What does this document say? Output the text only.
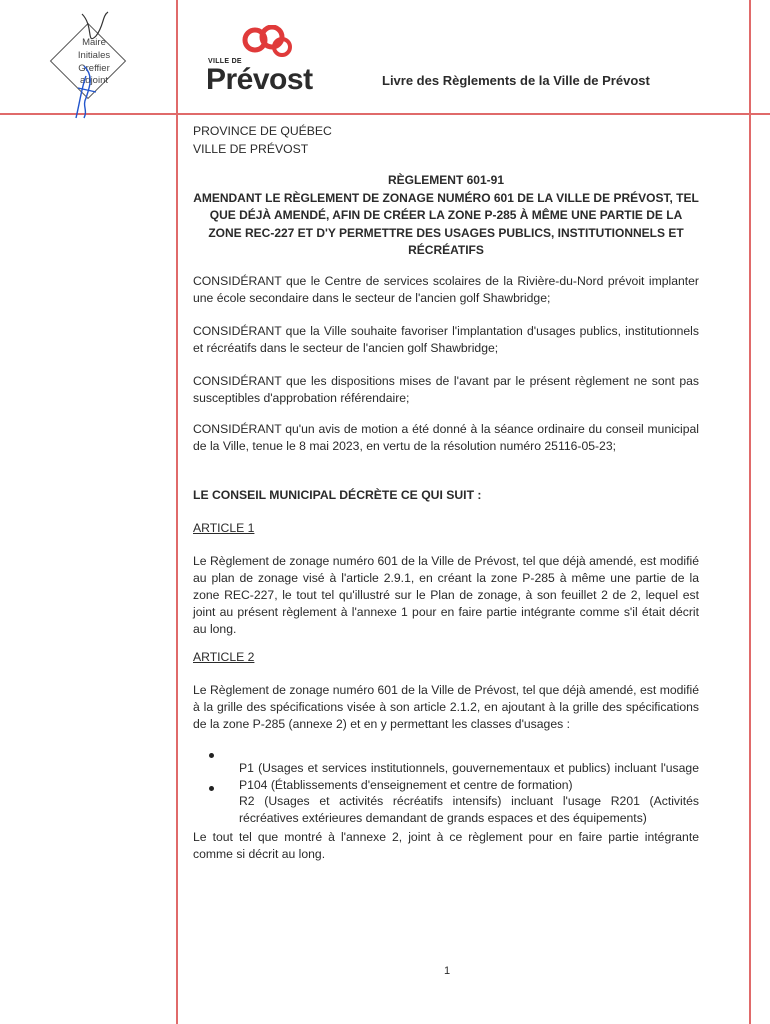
Maire
Initiales
Greffier
adjoint
VILLE DE
Prévost	Livre des Règlements de la Ville de Prévost
PROVINCE DE QUÉBEC
VILLE DE PRÉVOST
RÈGLEMENT 601-91
AMENDANT LE RÈGLEMENT DE ZONAGE NUMÉRO 601 DE LA VILLE DE PRÉVOST, TEL
QUE DÉJÀ AMENDÉ, AFIN DE CRÉER LA ZONE P-285 À MÊME UNE PARTIE DE LA
ZONE REC-227 ET D'Y PERMETTRE DES USAGES PUBLICS, INSTITUTIONNELS ET
RÉCRÉATIFS

CONSIDÉRANT que le Centre de services scolaires de la Rivière-du-Nord prévoit implanter une école secondaire dans le secteur de l'ancien golf Shawbridge;

CONSIDÉRANT que la Ville souhaite favoriser l'implantation d'usages publics, institutionnels et récréatifs dans le secteur de l'ancien golf Shawbridge;

CONSIDÉRANT que les dispositions mises de l'avant par le présent règlement ne sont pas susceptibles d'approbation référendaire;

CONSIDÉRANT qu'un avis de motion a été donné à la séance ordinaire du conseil municipal de la Ville, tenue le 8 mai 2023, en vertu de la résolution numéro 25116-05-23;

LE CONSEIL MUNICIPAL DÉCRÈTE CE QUI SUIT :
ARTICLE 1

Le Règlement de zonage numéro 601 de la Ville de Prévost, tel que déjà amendé, est modifié au plan de zonage visé à l'article 2.9.1, en créant la zone P-285 à même une partie de la zone REC-227, le tout tel qu'illustré sur le Plan de zonage, à son feuillet 2 de 2, lequel est joint au présent règlement à l'annexe 1 pour en faire partie intégrante comme s'il était décrit au long.

ARTICLE 2

Le Règlement de zonage numéro 601 de la Ville de Prévost, tel que déjà amendé, est modifié à la grille des spécifications visée à son article 2.1.2, en ajoutant à la grille des spécifications de la zone P-285 (annexe 2) et en y permettant les classes d'usages :

P1 (Usages et services institutionnels, gouvernementaux et publics) incluant l'usage P104 (Établissements d'enseignement et centre de formation)

R2 (Usages et activités récréatifs intensifs) incluant l'usage R201 (Activités récréatives extérieures demandant de grands espaces et des équipements)

Le tout tel que montré à l'annexe 2, joint à ce règlement pour en faire partie intégrante comme si décrit au long.

1
